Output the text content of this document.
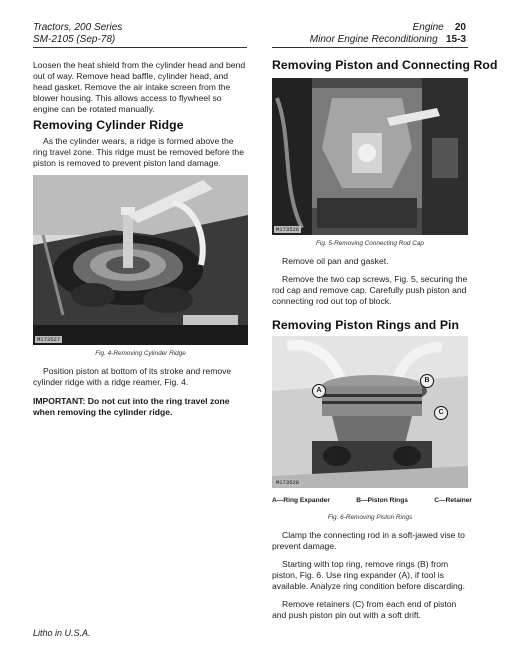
Tractors, 200 Series
SM-2105 (Sep-78)
Engine 20
Minor Engine Reconditioning 15-3

Loosen the heat shield from the cylinder head and bend out of way. Remove head baffle, cylinder head, and head gasket. Remove the air intake screen from the blower housing. This allows access to flywheel so engine can be rotated manually.

Removing Cylinder Ridge

As the cylinder wears, a ridge is formed above the ring travel zone. This ridge must be removed before the piston is removed to prevent piston land damage.

M173527
Fig. 4-Removing Cylinder Ridge

Position piston at bottom of its stroke and remove cylinder ridge with a ridge reamer, Fig. 4.

IMPORTANT: Do not cut into the ring travel zone when removing the cylinder ridge.
Removing Piston and Connecting Rod
M173526
Fig. 5-Removing Connecting Rod Cap

Remove oil pan and gasket.

Remove the two cap screws, Fig. 5, securing the rod cap and remove cap. Carefully push piston and connecting rod out top of block.

Removing Piston Rings and Pin
A
B
C
M173528
A—Ring Expander	B—Piston Rings	C—Retainer
Fig. 6-Removing Piston Rings

Clamp the connecting rod in a soft-jawed vise to prevent damage.

Starting with top ring, remove rings (B) from piston, Fig. 6. Use ring expander (A), if tool is available. Analyze ring condition before discarding.

Remove retainers (C) from each end of piston and push piston pin out with a soft drift.

Litho in U.S.A.
